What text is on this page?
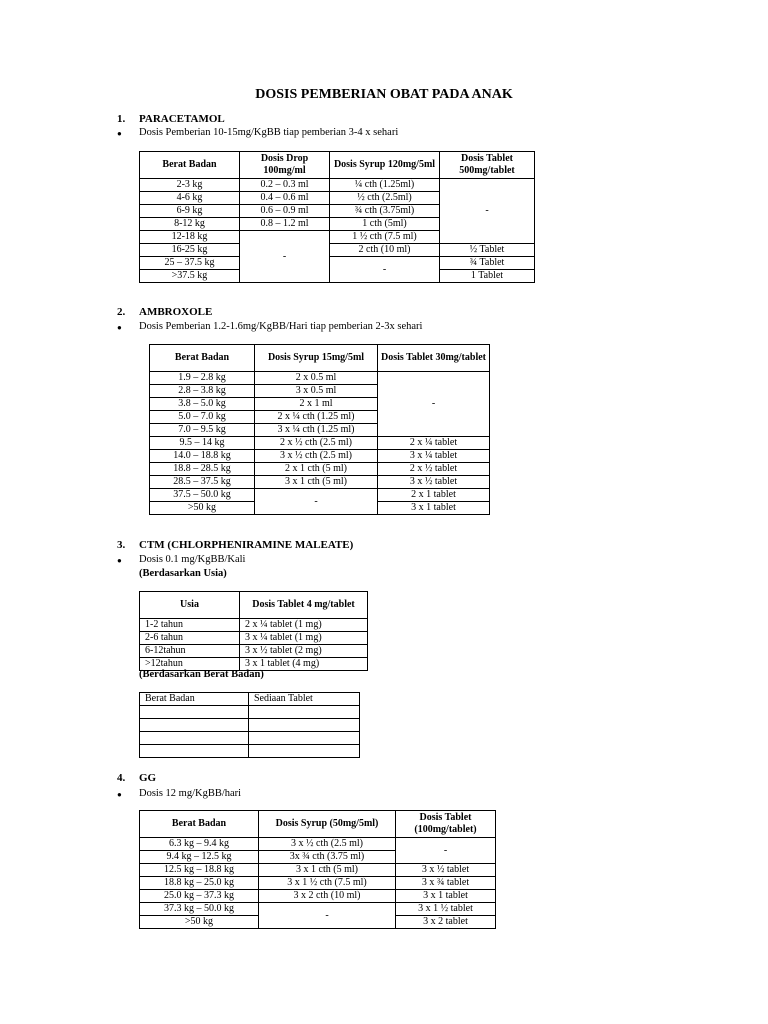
DOSIS PEMBERIAN OBAT PADA ANAK
1. PARACETAMOL
● Dosis Pemberian 10-15mg/KgBB tiap pemberian 3-4 x sehari
Berat Badan	Dosis Drop 100mg/ml	Dosis Syrup 120mg/5ml	Dosis Tablet 500mg/tablet
2-3 kg	0.2 – 0.3 ml	¼ cth (1.25ml)	-
4-6 kg	0.4 – 0.6 ml	½ cth (2.5ml)	
6-9 kg	0.6 – 0.9 ml	¾ cth (3.75ml)	
8-12 kg	0.8 – 1.2 ml	1 cth (5ml)	
12-18 kg	-	1 ½ cth (7.5 ml)	
16-25 kg		2 cth (10 ml)	½ Tablet
25 – 37.5 kg		-	¾ Tablet
>37.5 kg			1 Tablet
2. AMBROXOLE
● Dosis Pemberian 1.2-1.6mg/KgBB/Hari tiap pemberian 2-3x sehari
Berat Badan	Dosis Syrup 15mg/5ml	Dosis Tablet 30mg/tablet
1.9 – 2.8 kg	2 x 0.5 ml	-
2.8 – 3.8 kg	3 x 0.5 ml	
3.8 – 5.0 kg	2 x 1 ml	
5.0 – 7.0 kg	2 x ¼ cth (1.25 ml)	
7.0 – 9.5 kg	3 x ¼ cth (1.25 ml)	
9.5 – 14 kg	2 x ½ cth (2.5 ml)	2 x ¼ tablet
14.0 – 18.8 kg	3 x ½ cth (2.5 ml)	3 x ¼ tablet
18.8 – 28.5 kg	2 x 1 cth (5 ml)	2 x ½ tablet
28.5 – 37.5 kg	3 x 1 cth (5 ml)	3 x ½ tablet
37.5 – 50.0 kg	-	2 x 1 tablet
>50 kg		3 x 1 tablet
3. CTM (CHLORPHENIRAMINE MALEATE)
● Dosis 0.1 mg/KgBB/Kali
(Berdasarkan Usia)
Usia	Dosis Tablet 4 mg/tablet
1-2 tahun	2 x ¼ tablet (1 mg)
2-6 tahun	3 x ¼ tablet (1 mg)
6-12tahun	3 x ½ tablet (2 mg)
>12tahun	3 x 1 tablet (4 mg)
(Berdasarkan Berat Badan)
Berat Badan	Sediaan Tablet

4. GG
● Dosis 12 mg/KgBB/hari
Berat Badan	Dosis Syrup (50mg/5ml)	Dosis Tablet (100mg/tablet)
6.3 kg – 9.4 kg	3 x ½ cth (2.5 ml)	-
9.4 kg – 12.5 kg	3x ¾ cth (3.75 ml)	
12.5 kg – 18.8 kg	3 x 1 cth (5 ml)	3 x ½ tablet
18.8 kg – 25.0 kg	3 x 1 ½ cth (7.5 ml)	3 x ¾ tablet
25.0 kg – 37.3 kg	3 x 2 cth (10 ml)	3 x 1 tablet
37.3 kg – 50.0 kg	-	3 x 1 ½ tablet
>50 kg		3 x 2 tablet
